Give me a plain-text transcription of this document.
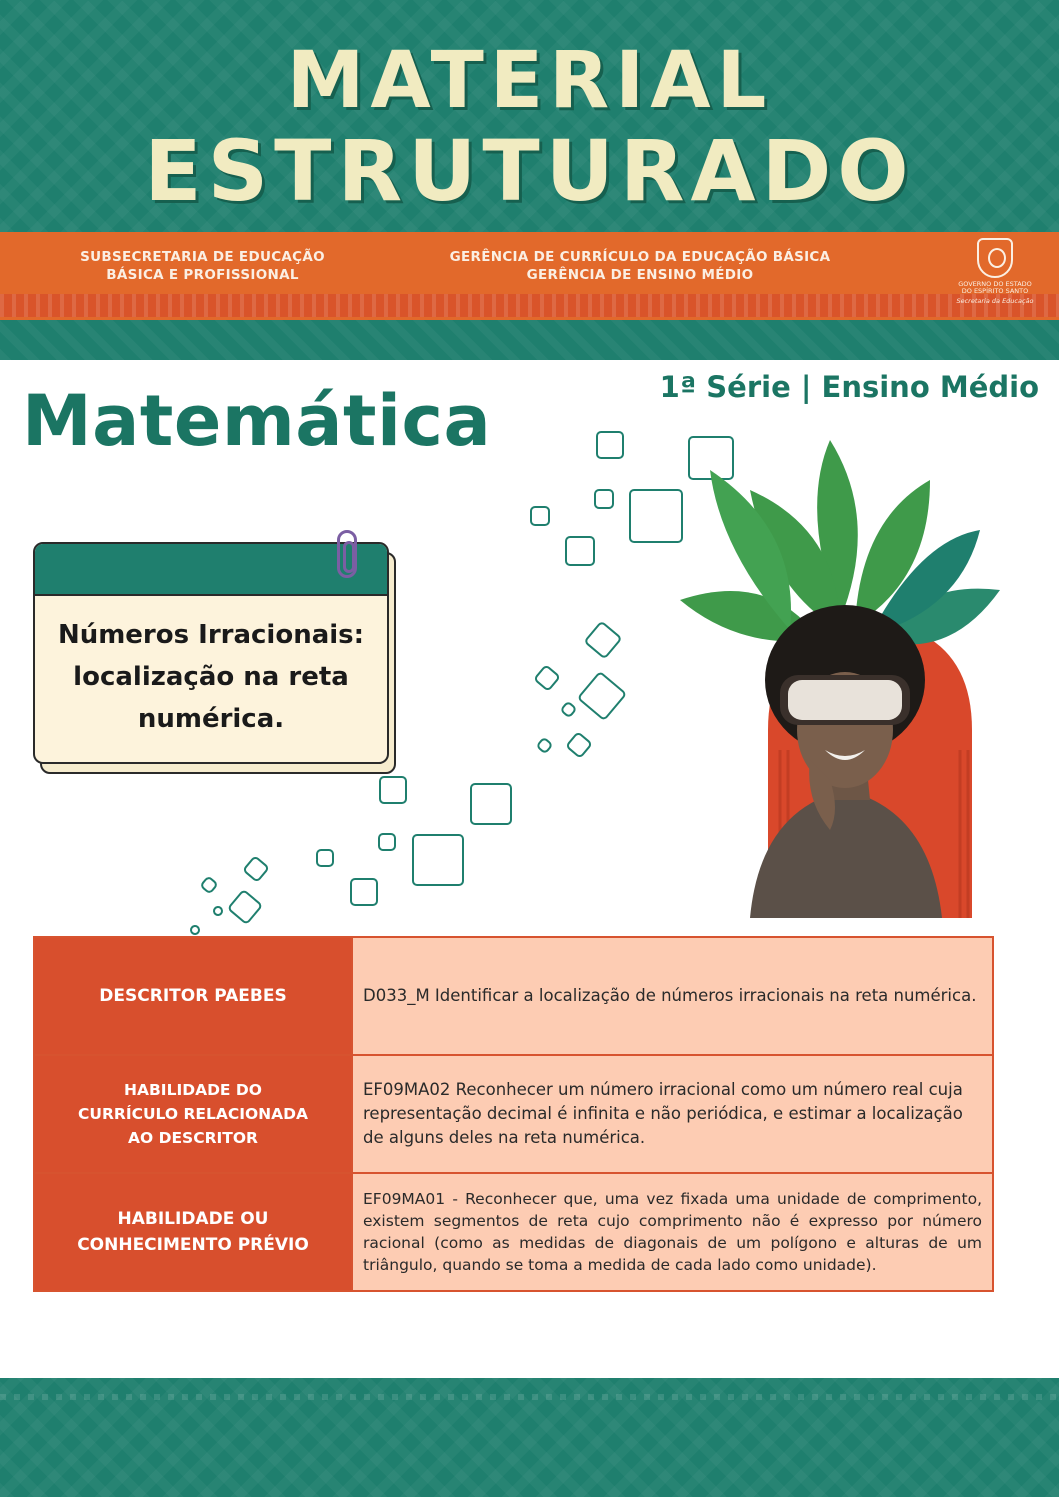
MATERIAL
ESTRUTURADO
SUBSECRETARIA DE EDUCAÇÃO
BÁSICA E PROFISSIONAL
GERÊNCIA DE CURRÍCULO DA EDUCAÇÃO BÁSICA
GERÊNCIA DE ENSINO MÉDIO
GOVERNO DO ESTADO
DO ESPÍRITO SANTO
Secretaria da Educação
Matemática	1ª Série | Ensino Médio
Números Irracionais:
localização na reta
numérica.
DESCRITOR PAEBES	D033_M Identificar a localização de números irracionais na reta numérica.

HABILIDADE DO
CURRÍCULO RELACIONADA
AO DESCRITOR	EF09MA02 Reconhecer um número irracional como um número real cuja representação decimal é infinita e não periódica, e estimar a localização de alguns deles na reta numérica.

HABILIDADE OU
CONHECIMENTO PRÉVIO	EF09MA01 - Reconhecer que, uma vez fixada uma unidade de comprimento, existem segmentos de reta cujo comprimento não é expresso por número racional (como as medidas de diagonais de um polígono e alturas de um triângulo, quando se toma a medida de cada lado como unidade).
